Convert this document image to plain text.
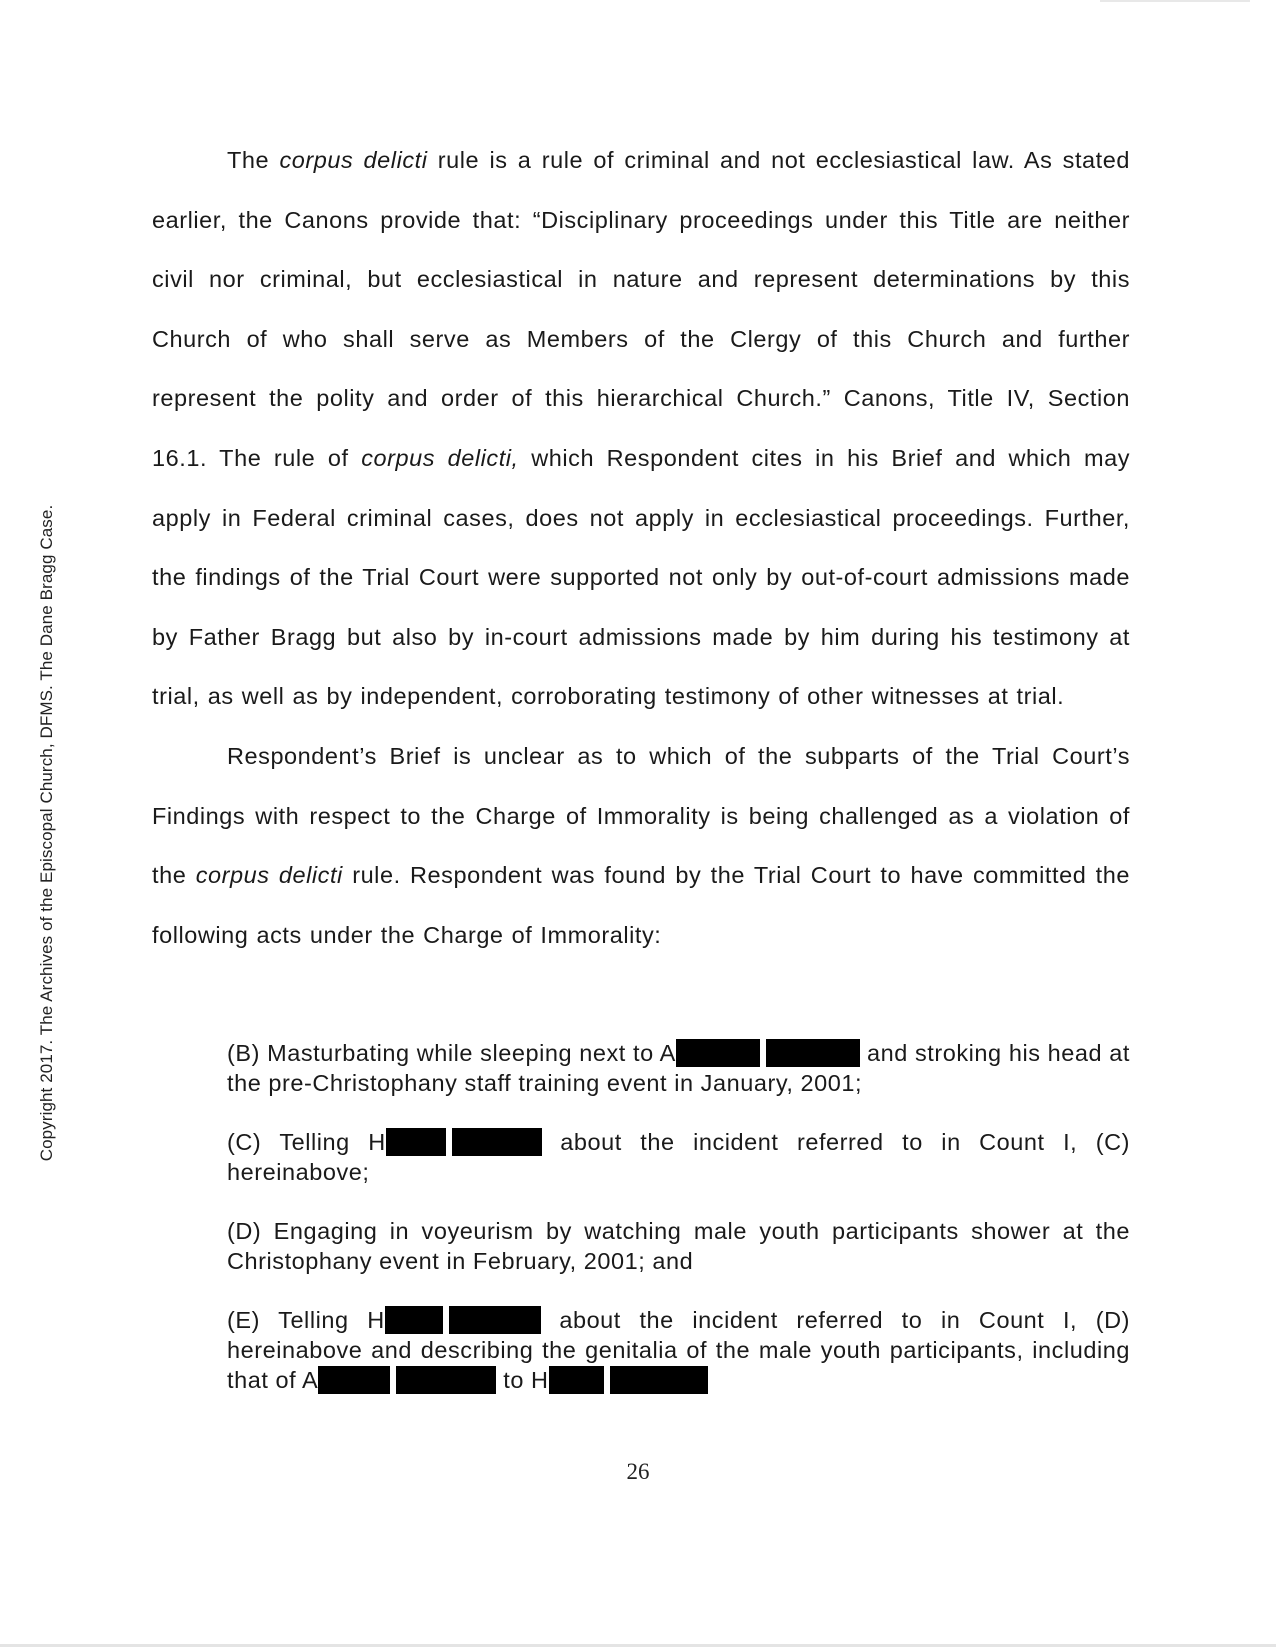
Copyright 2017. The Archives of the Episcopal Church, DFMS. The Dane Bragg Case.

The corpus delicti rule is a rule of criminal and not ecclesiastical law. As stated earlier, the Canons provide that: “Disciplinary proceedings under this Title are neither civil nor criminal, but ecclesiastical in nature and represent determinations by this Church of who shall serve as Members of the Clergy of this Church and further represent the polity and order of this hierarchical Church.” Canons, Title IV, Section 16.1. The rule of corpus delicti, which Respondent cites in his Brief and which may apply in Federal criminal cases, does not apply in ecclesiastical proceedings. Further, the findings of the Trial Court were supported not only by out-of-court admissions made by Father Bragg but also by in-court admissions made by him during his testimony at trial, as well as by independent, corroborating testimony of other witnesses at trial.

Respondent’s Brief is unclear as to which of the subparts of the Trial Court’s Findings with respect to the Charge of Immorality is being challenged as a violation of the corpus delicti rule. Respondent was found by the Trial Court to have committed the following acts under the Charge of Immorality:

(B) Masturbating while sleeping next to A	and stroking his head at the pre-Christophany staff training event in January, 2001;

(C) Telling H	about the incident referred to in Count I, (C) hereinabove;

(D) Engaging in voyeurism by watching male youth participants shower at the Christophany event in February, 2001; and

(E) Telling H	about the incident referred to in Count I, (D) hereinabove and describing the genitalia of the male youth participants, including that of A	to H

26
